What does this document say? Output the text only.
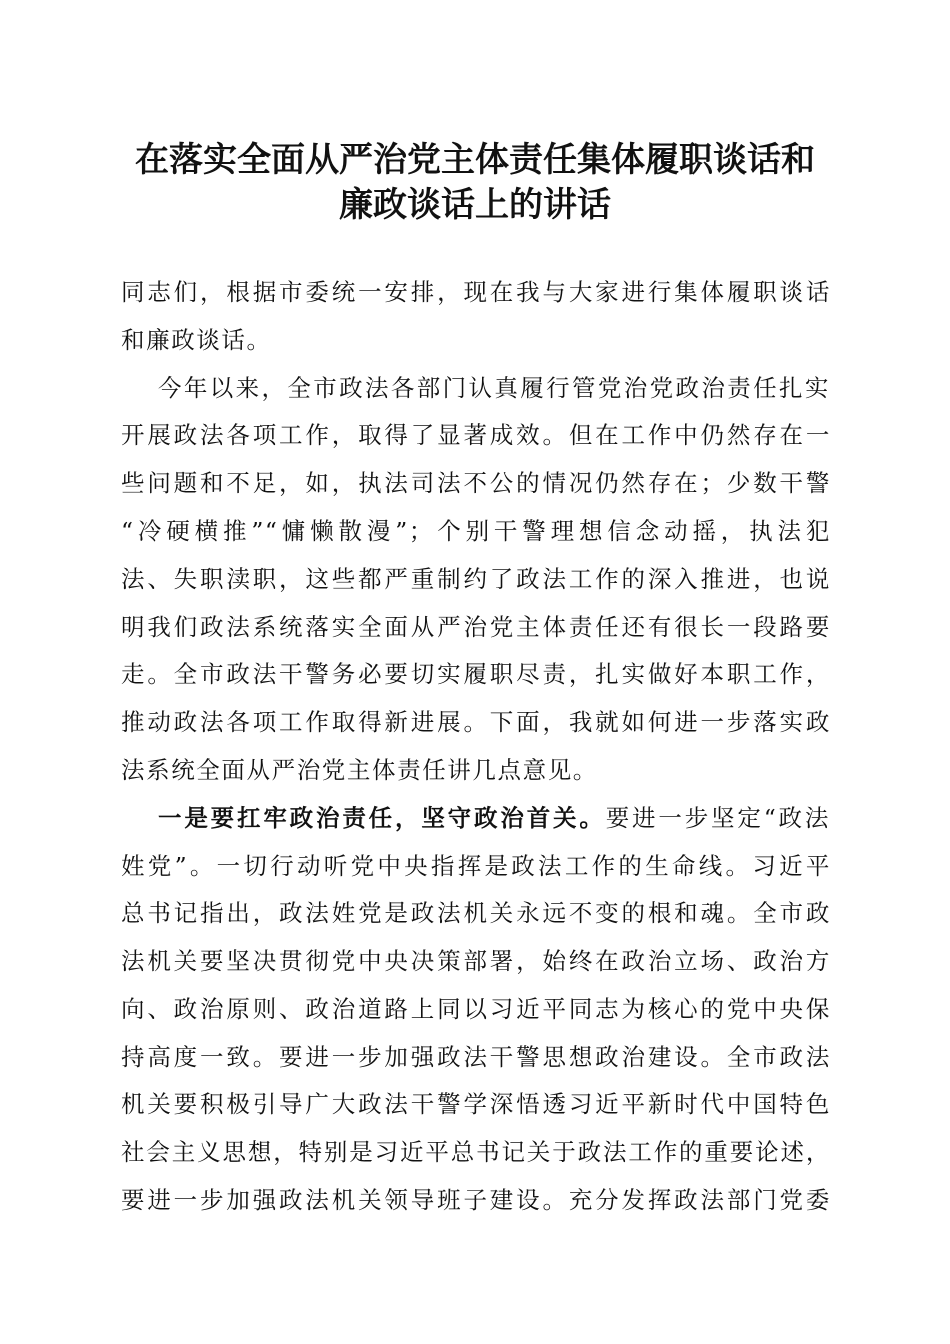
在落实全面从严治党主体责任集体履职谈话和
廉政谈话上的讲话
同志们，根据市委统一安排，现在我与大家进行集体履职谈话
和廉政谈话。
今年以来，全市政法各部门认真履行管党治党政治责任扎实
开展政法各项工作，取得了显著成效。但在工作中仍然存在一
些问题和不足，如，执法司法不公的情况仍然存在；少数干警
“冷硬横推”“慵懒散漫”；个别干警理想信念动摇，执法犯
法、失职渎职，这些都严重制约了政法工作的深入推进，也说
明我们政法系统落实全面从严治党主体责任还有很长一段路要
走。全市政法干警务必要切实履职尽责，扎实做好本职工作，
推动政法各项工作取得新进展。下面，我就如何进一步落实政
法系统全面从严治党主体责任讲几点意见。
一是要扛牢政治责任，坚守政治首关。要进一步坚定“政法
姓党”。一切行动听党中央指挥是政法工作的生命线。习近平
总书记指出，政法姓党是政法机关永远不变的根和魂。全市政
法机关要坚决贯彻党中央决策部署，始终在政治立场、政治方
向、政治原则、政治道路上同以习近平同志为核心的党中央保
持高度一致。要进一步加强政法干警思想政治建设。全市政法
机关要积极引导广大政法干警学深悟透习近平新时代中国特色
社会主义思想，特别是习近平总书记关于政法工作的重要论述，
要进一步加强政法机关领导班子建设。充分发挥政法部门党委
